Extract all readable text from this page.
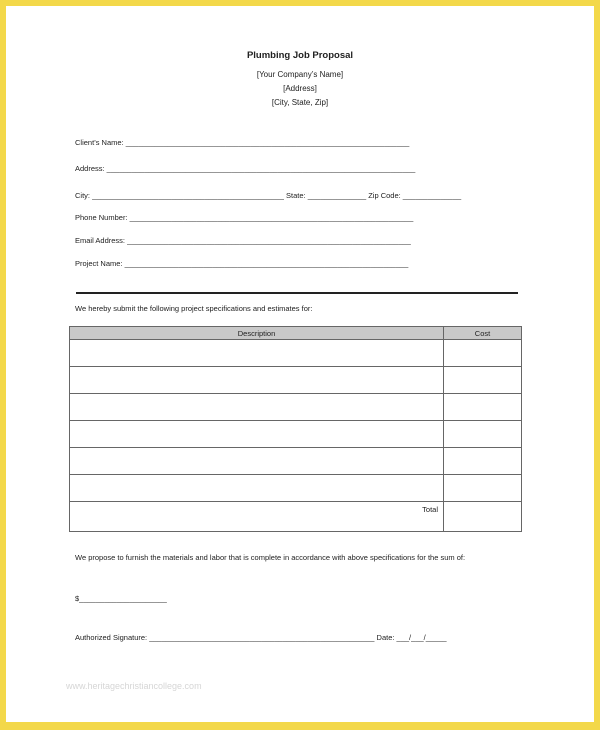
Plumbing Job Proposal
[Your Company’s Name]
[Address]
[City, State, Zip]
Client’s Name: ____________________________________________________________________
Address: __________________________________________________________________________
City: ______________________________________________ State: ______________ Zip Code: ______________
Phone Number: ____________________________________________________________________
Email Address: ____________________________________________________________________
Project Name: ____________________________________________________________________
We hereby submit the following project specifications and estimates for:
Description	Cost

Total	
We propose to furnish the materials and labor that is complete in accordance with above specifications for the sum of:
$_____________________
Authorized Signature: ______________________________________________________ Date: ___/___/_____
www.heritagechristiancollege.com
